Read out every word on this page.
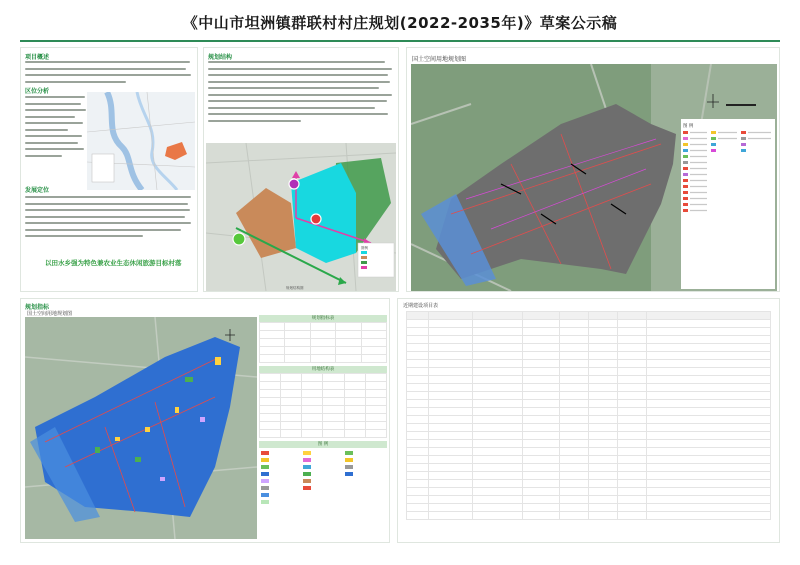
《中山市坦洲镇群联村村庄规划(2022-2035年)》草案公示稿
项目概述
区位分析
发展定位
以田水乡强为特色兼农业生态休闲旅游目标村落
规划结构
图例
规划结构图
国土空间用地规划图
图 例
规划指标
国土空间用地规划图
规划指标表

用地结构表

图 例
近期建设项目表
